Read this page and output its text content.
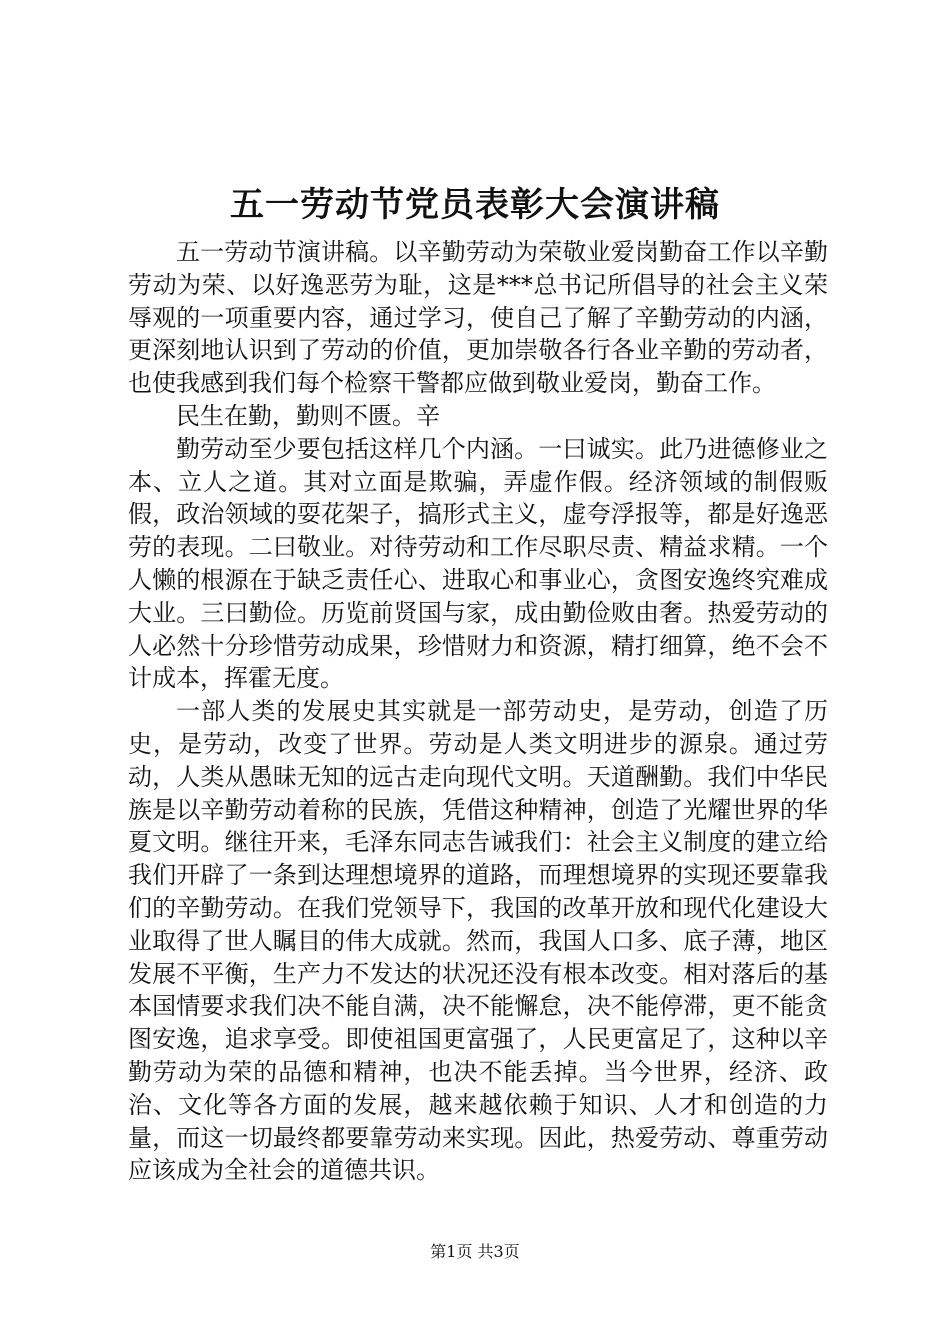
五一劳动节党员表彰大会演讲稿

五一劳动节演讲稿。以辛勤劳动为荣敬业爱岗勤奋工作以辛勤劳动为荣、以好逸恶劳为耻，这是***总书记所倡导的社会主义荣辱观的一项重要内容，通过学习，使自己了解了辛勤劳动的内涵，更深刻地认识到了劳动的价值，更加崇敬各行各业辛勤的劳动者，也使我感到我们每个检察干警都应做到敬业爱岗，勤奋工作。

民生在勤，勤则不匮。辛

勤劳动至少要包括这样几个内涵。一曰诚实。此乃进德修业之本、立人之道。其对立面是欺骗，弄虚作假。经济领域的制假贩假，政治领域的耍花架子，搞形式主义，虚夸浮报等，都是好逸恶劳的表现。二曰敬业。对待劳动和工作尽职尽责、精益求精。一个人懒的根源在于缺乏责任心、进取心和事业心，贪图安逸终究难成大业。三曰勤俭。历览前贤国与家，成由勤俭败由奢。热爱劳动的人必然十分珍惜劳动成果，珍惜财力和资源，精打细算，绝不会不计成本，挥霍无度。

一部人类的发展史其实就是一部劳动史，是劳动，创造了历史，是劳动，改变了世界。劳动是人类文明进步的源泉。通过劳动，人类从愚昧无知的远古走向现代文明。天道酬勤。我们中华民族是以辛勤劳动着称的民族，凭借这种精神，创造了光耀世界的华夏文明。继往开来，毛泽东同志告诫我们：社会主义制度的建立给我们开辟了一条到达理想境界的道路，而理想境界的实现还要靠我们的辛勤劳动。在我们党领导下，我国的改革开放和现代化建设大业取得了世人瞩目的伟大成就。然而，我国人口多、底子薄，地区发展不平衡，生产力不发达的状况还没有根本改变。相对落后的基本国情要求我们决不能自满，决不能懈怠，决不能停滞，更不能贪图安逸，追求享受。即使祖国更富强了，人民更富足了，这种以辛勤劳动为荣的品德和精神，也决不能丢掉。当今世界，经济、政治、文化等各方面的发展，越来越依赖于知识、人才和创造的力量，而这一切最终都要靠劳动来实现。因此，热爱劳动、尊重劳动应该成为全社会的道德共识。

第1页 共3页
